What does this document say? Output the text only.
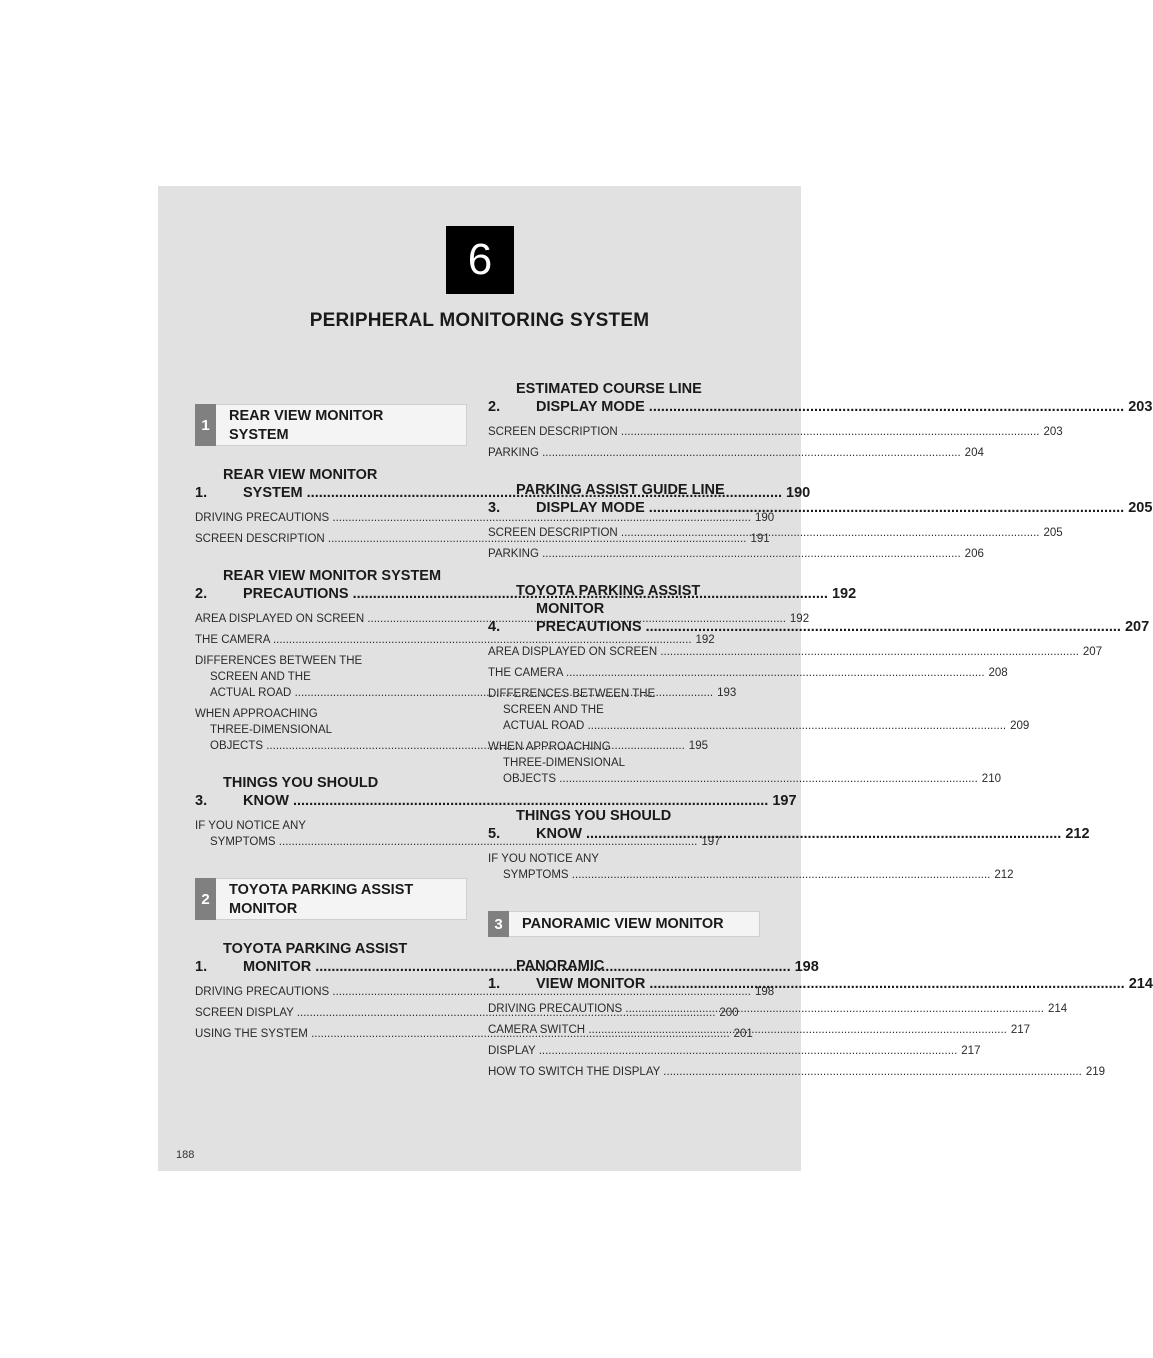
6
PERIPHERAL MONITORING SYSTEM
1
REAR VIEW MONITOR
SYSTEM
1.
REAR VIEW MONITOR
SYSTEM .....	190
DRIVING PRECAUTIONS .....	190
SCREEN DESCRIPTION .....	191
2.
REAR VIEW MONITOR SYSTEM
PRECAUTIONS .....	192
AREA DISPLAYED ON SCREEN .....	192
THE CAMERA .....	192
DIFFERENCES BETWEEN THE
SCREEN AND THE
ACTUAL ROAD .....	193
WHEN APPROACHING
THREE-DIMENSIONAL
OBJECTS .....	195
3.
THINGS YOU SHOULD
KNOW .....	197
IF YOU NOTICE ANY
SYMPTOMS .....	197
2
TOYOTA PARKING ASSIST
MONITOR
1.
TOYOTA PARKING ASSIST
MONITOR .....	198
DRIVING PRECAUTIONS .....	198
SCREEN DISPLAY .....	200
USING THE SYSTEM .....	201
2.
ESTIMATED COURSE LINE
DISPLAY MODE .....	203
SCREEN DESCRIPTION .....	203
PARKING .....	204
3.
PARKING ASSIST GUIDE LINE
DISPLAY MODE .....	205
SCREEN DESCRIPTION .....	205
PARKING .....	206
4.
TOYOTA PARKING ASSIST
MONITOR
PRECAUTIONS .....	207
AREA DISPLAYED ON SCREEN .....	207
THE CAMERA .....	208
DIFFERENCES BETWEEN THE
SCREEN AND THE
ACTUAL ROAD .....	209
WHEN APPROACHING
THREE-DIMENSIONAL
OBJECTS .....	210
5.
THINGS YOU SHOULD
KNOW .....	212
IF YOU NOTICE ANY
SYMPTOMS .....	212
3	PANORAMIC VIEW MONITOR
1.
PANORAMIC
VIEW MONITOR .....	214
DRIVING PRECAUTIONS .....	214
CAMERA SWITCH .....	217
DISPLAY .....	217
HOW TO SWITCH THE DISPLAY .....	219
188
